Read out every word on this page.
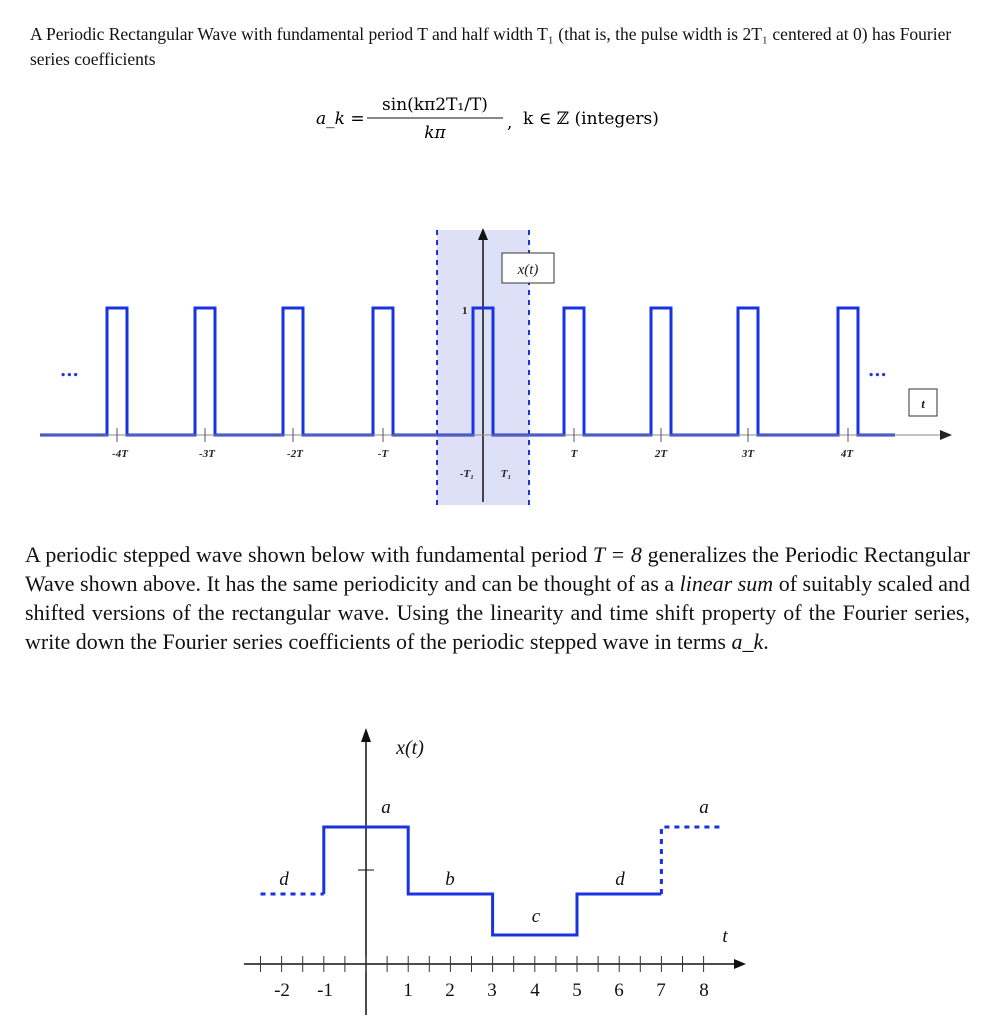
A Periodic Rectangular Wave with fundamental period T and half width T₁ (that is, the pulse width is 2T₁ centered at 0) has Fourier series coefficients
a_k =
sin(kπ2T₁/T)
kπ	, k ∈ ℤ (integers)
-4T	-3T	-2T	-T	T	2T	3T	4T
-T₁ T₁
1
x(t)
t
...	...
A periodic stepped wave shown below with fundamental period T = 8 generalizes the Periodic Rectangular Wave shown above. It has the same periodicity and can be thought of as a linear sum of suitably scaled and shifted versions of the rectangular wave. Using the linearity and time shift property of the Fourier series, write down the Fourier series coefficients of the periodic stepped wave in terms a_k.
x(t)
a
b
c
d	d
a
t
-2 -1	1 2 3 4 5 6 7 8
